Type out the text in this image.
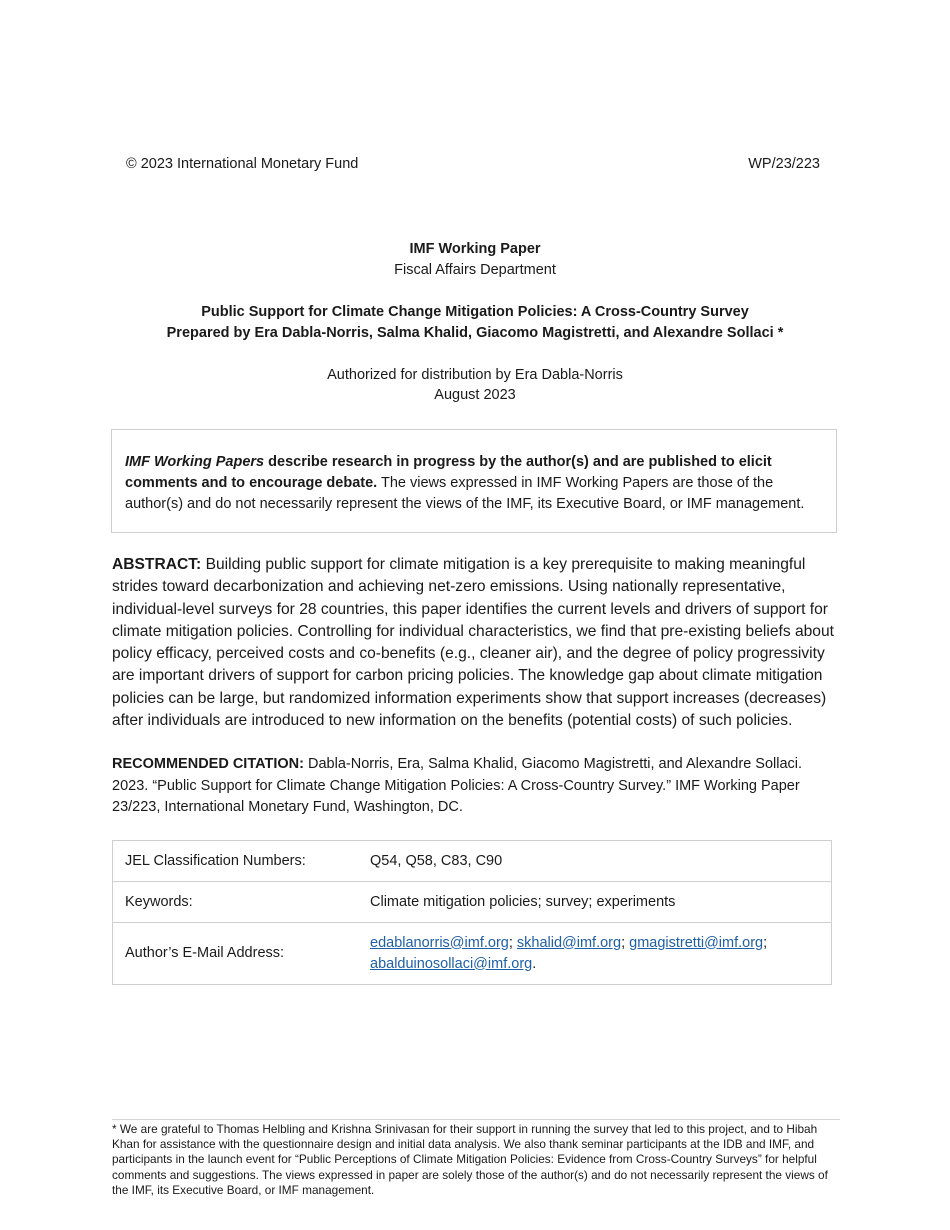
© 2023 International Monetary Fund	WP/23/223
IMF Working Paper
Fiscal Affairs Department
Public Support for Climate Change Mitigation Policies: A Cross-Country Survey
Prepared by Era Dabla-Norris, Salma Khalid, Giacomo Magistretti, and Alexandre Sollaci *
Authorized for distribution by Era Dabla-Norris
August 2023
IMF Working Papers describe research in progress by the author(s) and are published to elicit comments and to encourage debate. The views expressed in IMF Working Papers are those of the author(s) and do not necessarily represent the views of the IMF, its Executive Board, or IMF management.
ABSTRACT: Building public support for climate mitigation is a key prerequisite to making meaningful strides toward decarbonization and achieving net-zero emissions. Using nationally representative, individual-level surveys for 28 countries, this paper identifies the current levels and drivers of support for climate mitigation policies. Controlling for individual characteristics, we find that pre-existing beliefs about policy efficacy, perceived costs and co-benefits (e.g., cleaner air), and the degree of policy progressivity are important drivers of support for carbon pricing policies. The knowledge gap about climate mitigation policies can be large, but randomized information experiments show that support increases (decreases) after individuals are introduced to new information on the benefits (potential costs) of such policies.
RECOMMENDED CITATION: Dabla-Norris, Era, Salma Khalid, Giacomo Magistretti, and Alexandre Sollaci. 2023. “Public Support for Climate Change Mitigation Policies: A Cross-Country Survey.” IMF Working Paper 23/223, International Monetary Fund, Washington, DC.
JEL Classification Numbers:	Q54, Q58, C83, C90
Keywords:	Climate mitigation policies; survey; experiments
Author’s E-Mail Address:	edablanorris@imf.org; skhalid@imf.org; gmagistretti@imf.org;
abalduinosollaci@imf.org.
* We are grateful to Thomas Helbling and Krishna Srinivasan for their support in running the survey that led to this project, and to Hibah Khan for assistance with the questionnaire design and initial data analysis. We also thank seminar participants at the IDB and IMF, and participants in the launch event for “Public Perceptions of Climate Mitigation Policies: Evidence from Cross-Country Surveys” for helpful comments and suggestions. The views expressed in paper are solely those of the author(s) and do not necessarily represent the views of the IMF, its Executive Board, or IMF management.
